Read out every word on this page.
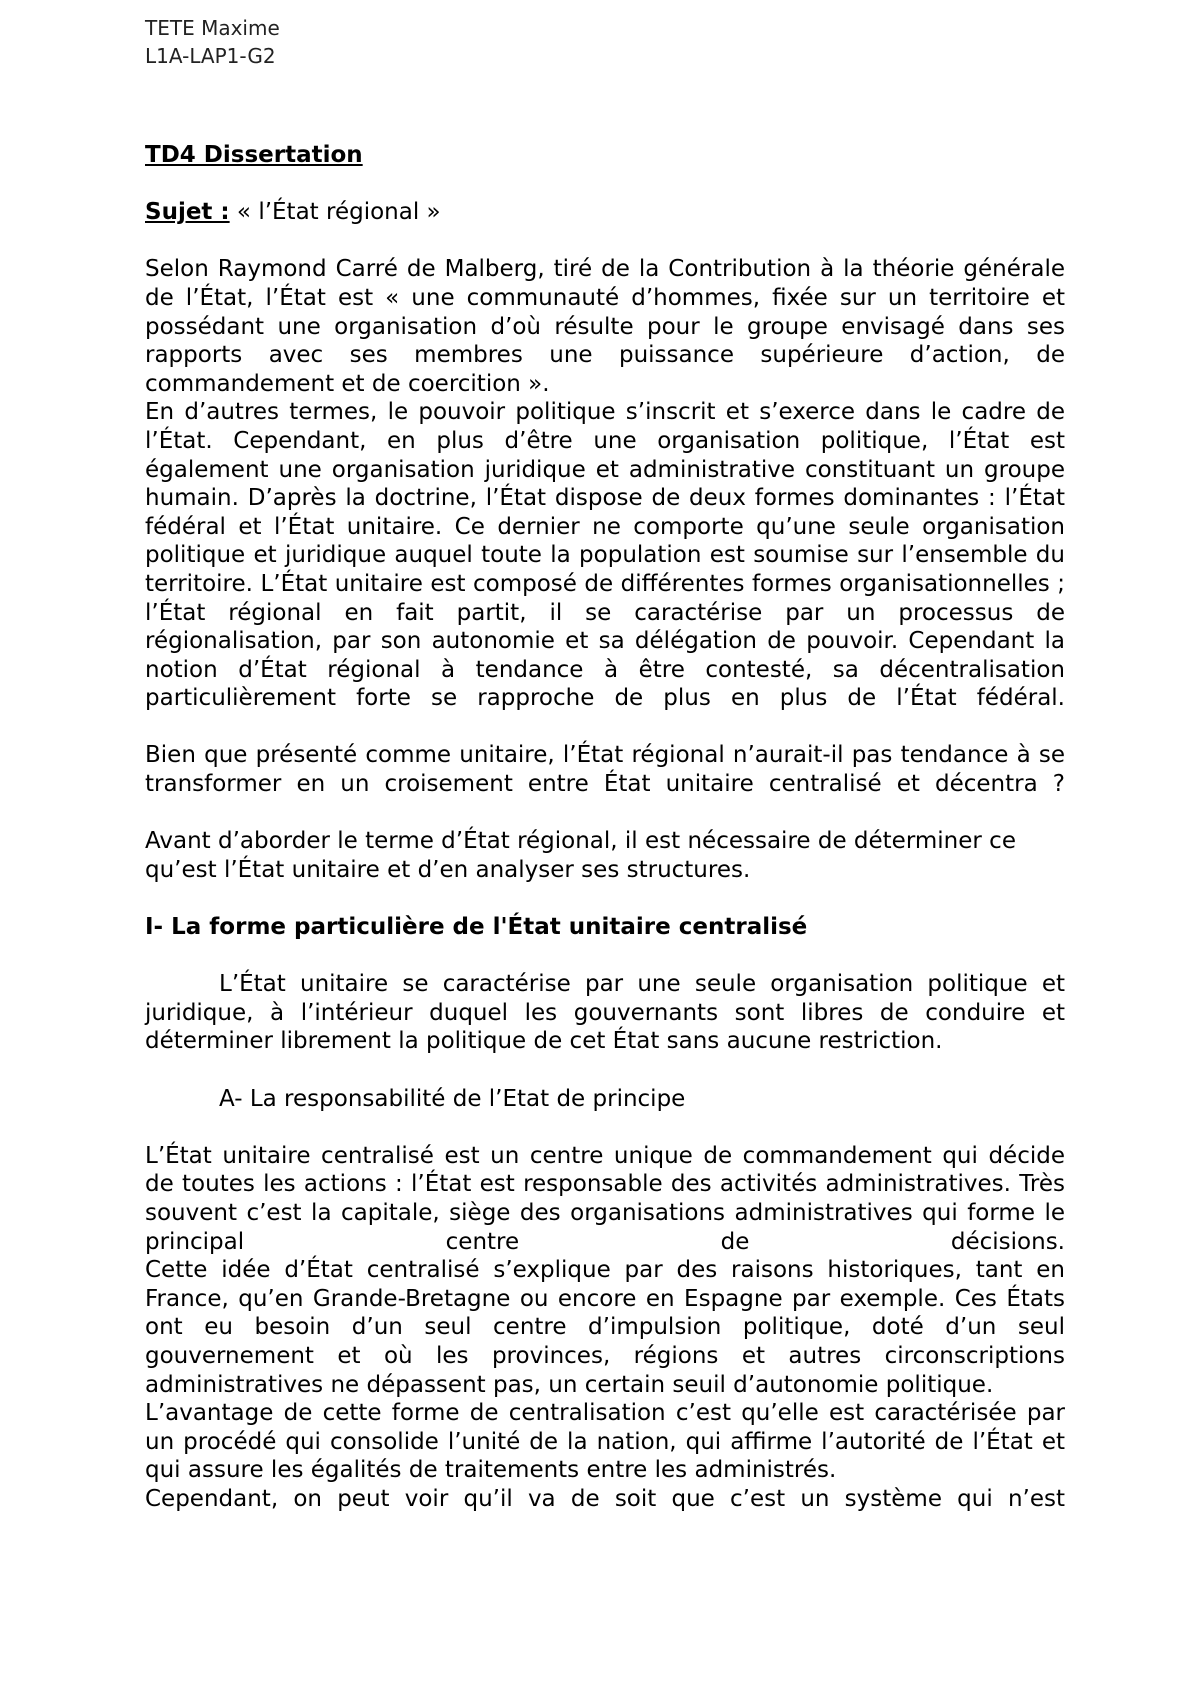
TETE Maxime
L1A-LAP1-G2

TD4 Dissertation

Sujet : « l’État régional »

Selon Raymond Carré de Malberg, tiré de la Contribution à la théorie générale de l’État, l’État est « une communauté d’hommes, fixée sur un territoire et possédant une organisation d’où résulte pour le groupe envisagé dans ses rapports avec ses membres une puissance supérieure d’action, de commandement et de coercition ».

En d’autres termes, le pouvoir politique s’inscrit et s’exerce dans le cadre de l’État. Cependant, en plus d’être une organisation politique, l’État est également une organisation juridique et administrative constituant un groupe humain. D’après la doctrine, l’État dispose de deux formes dominantes : l’État fédéral et l’État unitaire. Ce dernier ne comporte qu’une seule organisation politique et juridique auquel toute la population est soumise sur l’ensemble du territoire. L’État unitaire est composé de différentes formes organisationnelles ; l’État régional en fait partit, il se caractérise par un processus de régionalisation, par son autonomie et sa délégation de pouvoir. Cependant la notion d’État régional à tendance à être contesté, sa décentralisation particulièrement forte se rapproche de plus en plus de l’État fédéral.

Bien que présenté comme unitaire, l’État régional n’aurait-il pas tendance à se transformer en un croisement entre État unitaire centralisé et décentra ?

Avant d’aborder le terme d’État régional, il est nécessaire de déterminer ce qu’est l’État unitaire et d’en analyser ses structures.

I- La forme particulière de l'État unitaire centralisé

L’État unitaire se caractérise par une seule organisation politique et juridique, à l’intérieur duquel les gouvernants sont libres de conduire et déterminer librement la politique de cet État sans aucune restriction.

A- La responsabilité de l’Etat de principe

L’État unitaire centralisé est un centre unique de commandement qui décide de toutes les actions : l’État est responsable des activités administratives. Très souvent c’est la capitale, siège des organisations administratives qui forme le principal centre de décisions.

Cette idée d’État centralisé s’explique par des raisons historiques, tant en France, qu’en Grande-Bretagne ou encore en Espagne par exemple. Ces États ont eu besoin d’un seul centre d’impulsion politique, doté d’un seul gouvernement et où les provinces, régions et autres circonscriptions administratives ne dépassent pas, un certain seuil d’autonomie politique.

L’avantage de cette forme de centralisation c’est qu’elle est caractérisée par un procédé qui consolide l’unité de la nation, qui affirme l’autorité de l’État et qui assure les égalités de traitements entre les administrés.

Cependant, on peut voir qu’il va de soit que c’est un système qui n’est
